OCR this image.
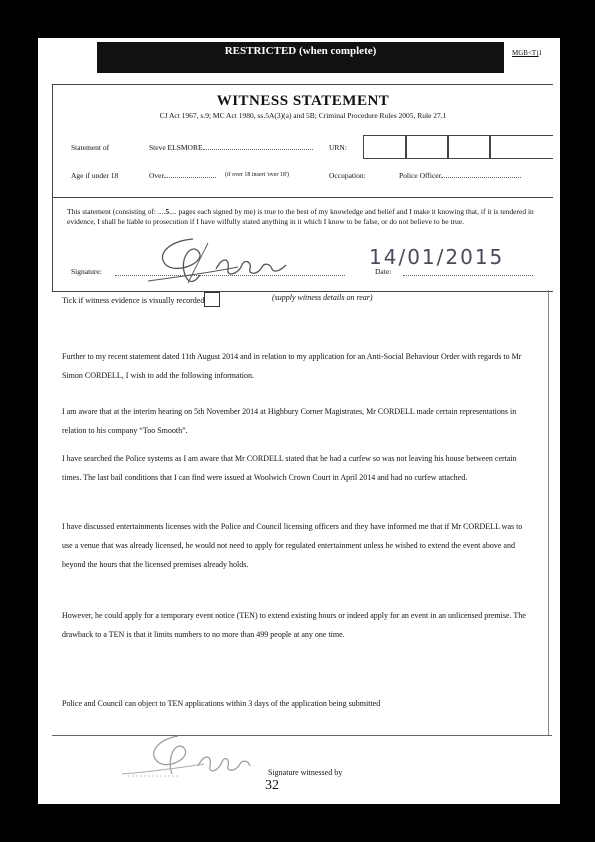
RESTRICTED (when complete)	MGB<T)1
WITNESS STATEMENT
CJ Act 1967, s.9; MC Act 1980, ss.5A(3)(a) and 5B; Criminal Procedure Rules 2005, Rule 27.1
Statement of	Steve ELSMORE	URN:
Age if under 18	Over	(if over 18 insert 'over 18')	Occupation:	Police Officer
This statement (consisting of: ....5.... pages each signed by me) is true to the best of my knowledge and belief and I make it knowing that, if it is tendered in evidence, I shall be liable to prosecution if I have wilfully stated anything in it which I know to be false, or do not believe to be true.
Signature:	Date:
14/01/2015
Tick if witness evidence is visually recorded	(supply witness details on rear)
Further to my recent statement dated 11th August 2014 and in relation to my application for an Anti-Social Behaviour Order with regards to Mr Simon CORDELL, I wish to add the following information.
I am aware that at the interim hearing on 5th November 2014 at Highbury Corner Magistrates, Mr CORDELL made certain representations in relation to his company “Too Smooth”.
I have searched the Police systems as I am aware that Mr CORDELL stated that he had a curfew so was not leaving his house between certain times. The last bail conditions that I can find were issued at Woolwich Crown Court in April 2014 and had no curfew attached.
I have discussed entertainments licenses with the Police and Council licensing officers and they have informed me that if Mr CORDELL was to use a venue that was already licensed, he would not need to apply for regulated entertainment unless he wished to extend the event above and beyond the hours that the licensed premises already holds.
However, he could apply for a temporary event notice (TEN) to extend existing hours or indeed apply for an event in an unlicensed premise. The drawback to a TEN is that it limits numbers to no more than 499 people at any one time.
Police and Council can object to TEN applications within 3 days of the application being submitted
Signature witnessed by
32
